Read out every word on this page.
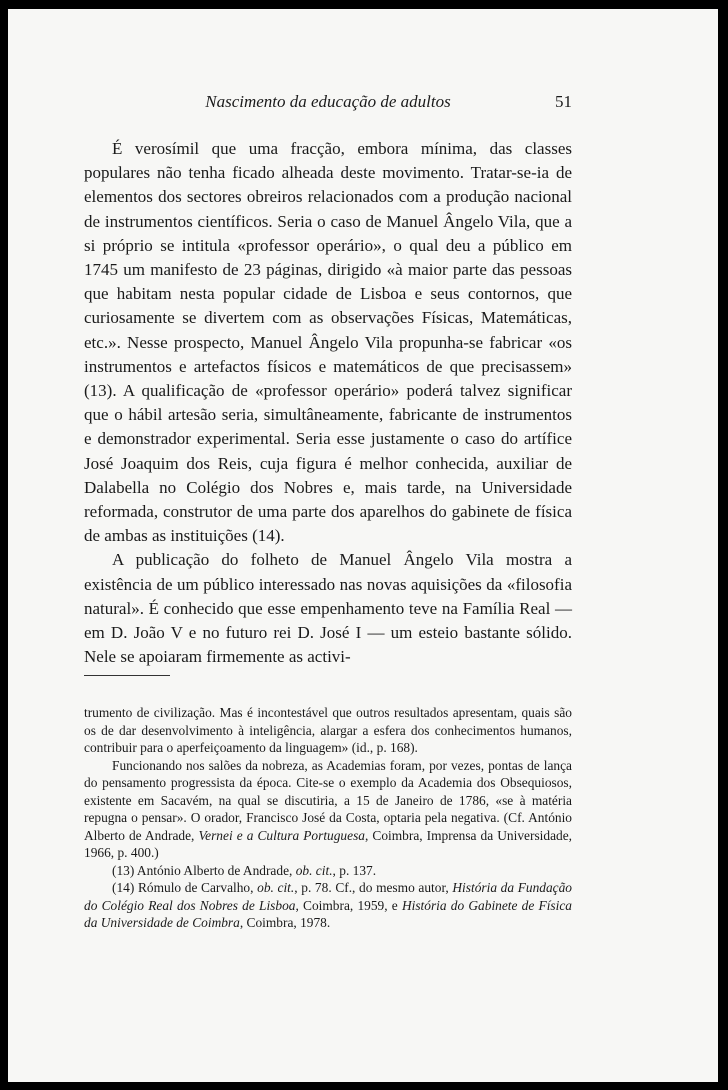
Nascimento da educação de adultos	51

É verosímil que uma fracção, embora mínima, das classes populares não tenha ficado alheada deste movimento. Tratar-se-ia de elementos dos sectores obreiros relacionados com a produção nacional de instrumentos científicos. Seria o caso de Manuel Ângelo Vila, que a si próprio se intitula «professor operário», o qual deu a público em 1745 um manifesto de 23 páginas, dirigido «à maior parte das pessoas que habitam nesta popular cidade de Lisboa e seus contornos, que curiosamente se divertem com as observações Físicas, Matemáticas, etc.». Nesse prospecto, Manuel Ângelo Vila propunha-se fabricar «os instrumentos e artefactos físicos e matemáticos de que precisassem» (13). A qualificação de «professor operário» poderá talvez significar que o hábil artesão seria, simultâneamente, fabricante de instrumentos e demonstrador experimental. Seria esse justamente o caso do artífice José Joaquim dos Reis, cuja figura é melhor conhecida, auxiliar de Dalabella no Colégio dos Nobres e, mais tarde, na Universidade reformada, construtor de uma parte dos aparelhos do gabinete de física de ambas as instituições (14).

A publicação do folheto de Manuel Ângelo Vila mostra a existência de um público interessado nas novas aquisições da «filosofia natural». É conhecido que esse empenhamento teve na Família Real — em D. João V e no futuro rei D. José I — um esteio bastante sólido. Nele se apoiaram firmemente as activi-

trumento de civilização. Mas é incontestável que outros resultados apresentam, quais são os de dar desenvolvimento à inteligência, alargar a esfera dos conhecimentos humanos, contribuir para o aperfeiçoamento da linguagem» (id., p. 168).

Funcionando nos salões da nobreza, as Academias foram, por vezes, pontas de lança do pensamento progressista da época. Cite-se o exemplo da Academia dos Obsequiosos, existente em Sacavém, na qual se discutiria, a 15 de Janeiro de 1786, «se à matéria repugna o pensar». O orador, Francisco José da Costa, optaria pela negativa. (Cf. António Alberto de Andrade, Vernei e a Cultura Portuguesa, Coimbra, Imprensa da Universidade, 1966, p. 400.)

(13) António Alberto de Andrade, ob. cit., p. 137.

(14) Rómulo de Carvalho, ob. cit., p. 78. Cf., do mesmo autor, História da Fundação do Colégio Real dos Nobres de Lisboa, Coimbra, 1959, e História do Gabinete de Física da Universidade de Coimbra, Coimbra, 1978.
